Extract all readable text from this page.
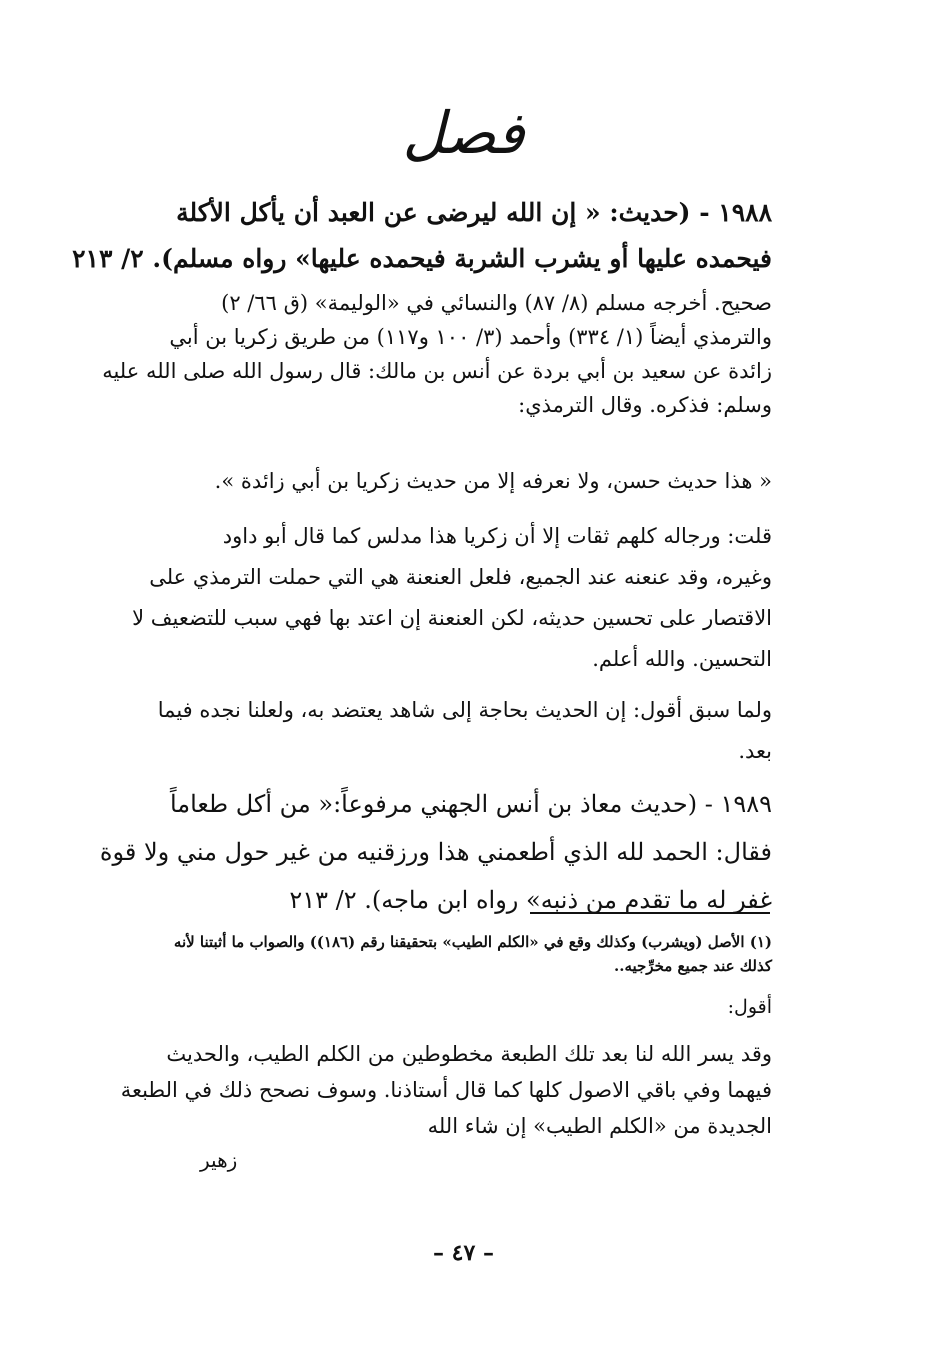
فصل
١٩٨٨ - (حديث: « إن الله ليرضى عن العبد أن يأكل الأكلة
فيحمده عليها أو يشرب الشربة فيحمده عليها» رواه مسلم). ٢/ ٢١٣
صحيح. أخرجه مسلم (٨/ ٨٧) والنسائي في «الوليمة» (ق ٦٦/ ٢)
والترمذي أيضاً (١/ ٣٣٤) وأحمد (٣/ ١٠٠ و١١٧) من طريق زكريا بن أبي
زائدة عن سعيد بن أبي بردة عن أنس بن مالك: قال رسول الله صلى الله عليه
وسلم: فذكره. وقال الترمذي:
« هذا حديث حسن، ولا نعرفه إلا من حديث زكريا بن أبي زائدة ».
قلت: ورجاله كلهم ثقات إلا أن زكريا هذا مدلس كما قال أبو داود
وغيره، وقد عنعنه عند الجميع، فلعل العنعنة هي التي حملت الترمذي على
الاقتصار على تحسين حديثه، لكن العنعنة إن اعتد بها فهي سبب للتضعيف لا
التحسين. والله أعلم.
ولما سبق أقول: إن الحديث بحاجة إلى شاهد يعتضد به، ولعلنا نجده فيما
بعد.
١٩٨٩ - (حديث معاذ بن أنس الجهني مرفوعاً:« من أكل طعاماً
فقال: الحمد لله الذي أطعمني هذا ورزقنيه من غير حول مني ولا قوة
غفر له ما تقدم من ذنبه» رواه ابن ماجه). ٢/ ٢١٣
(١) الأصل (ويشرب) وكذلك وقع في «الكلم الطيب» بتحقيقنا رقم (١٨٦)) والصواب ما أثبتنا لأنه
كذلك عند جميع مخرِّجيه..
أقول:
وقد يسر الله لنا بعد تلك الطبعة مخطوطين من الكلم الطيب، والحديث
فيهما وفي باقي الاصول كلها كما قال أستاذنا. وسوف نصحح ذلك في الطبعة
الجديدة من «الكلم الطيب» إن شاء الله
زهير
– ٤٧ –
